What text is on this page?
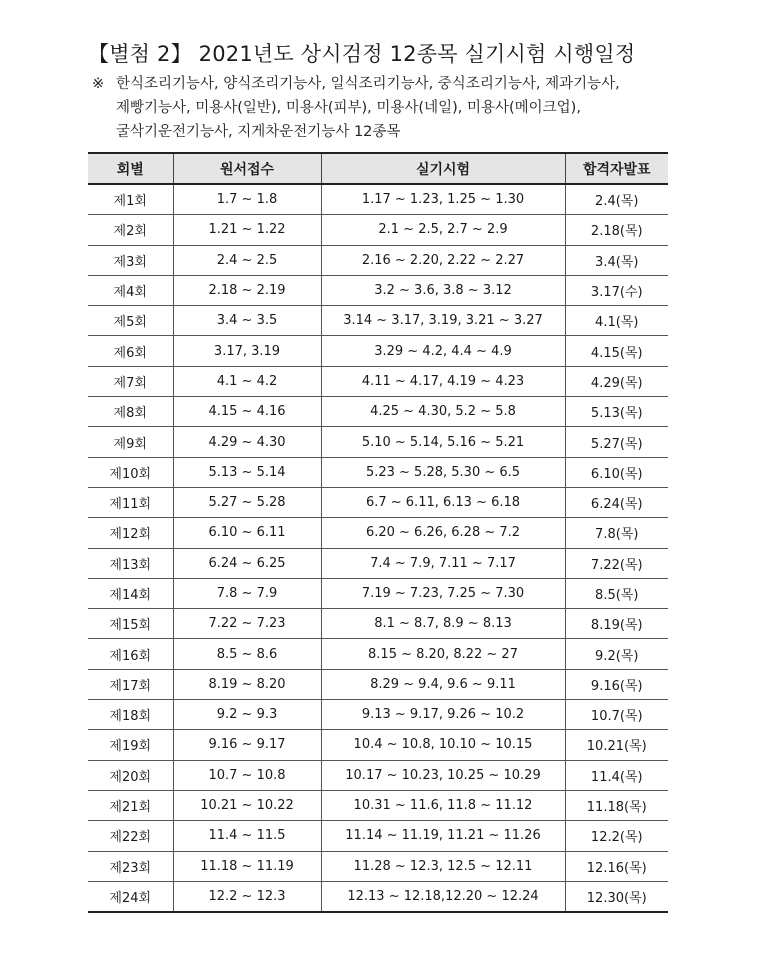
【별첨 2】 2021년도 상시검정 12종목 실기시험 시행일정
※ 한식조리기능사, 양식조리기능사, 일식조리기능사, 중식조리기능사, 제과기능사,
제빵기능사, 미용사(일반), 미용사(피부), 미용사(네일), 미용사(메이크업),
굴삭기운전기능사, 지게차운전기능사 12종목
회별	원서접수	실기시험	합격자발표
제1회	1.7 ~ 1.8	1.17 ~ 1.23, 1.25 ~ 1.30	2.4(목)
제2회	1.21 ~ 1.22	2.1 ~ 2.5, 2.7 ~ 2.9	2.18(목)
제3회	2.4 ~ 2.5	2.16 ~ 2.20, 2.22 ~ 2.27	3.4(목)
제4회	2.18 ~ 2.19	3.2 ~ 3.6, 3.8 ~ 3.12	3.17(수)
제5회	3.4 ~ 3.5	3.14 ~ 3.17, 3.19, 3.21 ~ 3.27	4.1(목)
제6회	3.17, 3.19	3.29 ~ 4.2, 4.4 ~ 4.9	4.15(목)
제7회	4.1 ~ 4.2	4.11 ~ 4.17, 4.19 ~ 4.23	4.29(목)
제8회	4.15 ~ 4.16	4.25 ~ 4.30, 5.2 ~ 5.8	5.13(목)
제9회	4.29 ~ 4.30	5.10 ~ 5.14, 5.16 ~ 5.21	5.27(목)
제10회	5.13 ~ 5.14	5.23 ~ 5.28, 5.30 ~ 6.5	6.10(목)
제11회	5.27 ~ 5.28	6.7 ~ 6.11, 6.13 ~ 6.18	6.24(목)
제12회	6.10 ~ 6.11	6.20 ~ 6.26, 6.28 ~ 7.2	7.8(목)
제13회	6.24 ~ 6.25	7.4 ~ 7.9, 7.11 ~ 7.17	7.22(목)
제14회	7.8 ~ 7.9	7.19 ~ 7.23, 7.25 ~ 7.30	8.5(목)
제15회	7.22 ~ 7.23	8.1 ~ 8.7, 8.9 ~ 8.13	8.19(목)
제16회	8.5 ~ 8.6	8.15 ~ 8.20, 8.22 ~ 27	9.2(목)
제17회	8.19 ~ 8.20	8.29 ~ 9.4, 9.6 ~ 9.11	9.16(목)
제18회	9.2 ~ 9.3	9.13 ~ 9.17, 9.26 ~ 10.2	10.7(목)
제19회	9.16 ~ 9.17	10.4 ~ 10.8, 10.10 ~ 10.15	10.21(목)
제20회	10.7 ~ 10.8	10.17 ~ 10.23, 10.25 ~ 10.29	11.4(목)
제21회	10.21 ~ 10.22	10.31 ~ 11.6, 11.8 ~ 11.12	11.18(목)
제22회	11.4 ~ 11.5	11.14 ~ 11.19, 11.21 ~ 11.26	12.2(목)
제23회	11.18 ~ 11.19	11.28 ~ 12.3, 12.5 ~ 12.11	12.16(목)
제24회	12.2 ~ 12.3	12.13 ~ 12.18,12.20 ~ 12.24	12.30(목)
